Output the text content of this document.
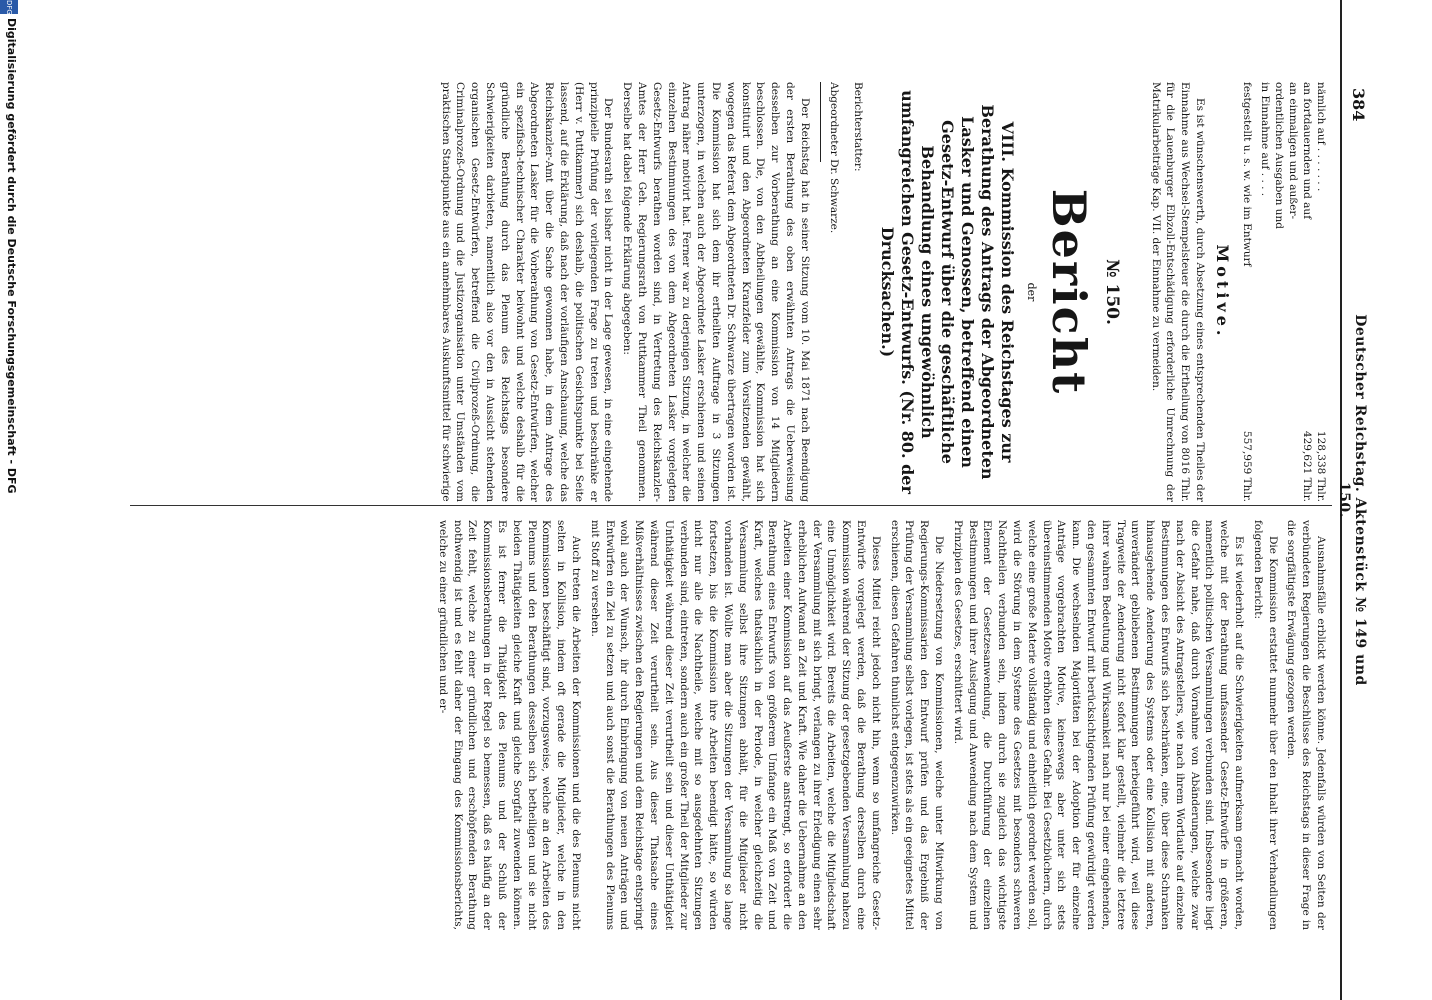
384
Deutscher Reichstag. Aktenstück № 149 und 150.
nämlich auf . . . . . . .
128,338 Thlr.
an fortdauernden und auf
429,621 Thlr.
an einmaligen und außer-
ordentlichen Ausgaben und
in Einnahme auf . . . .
festgestellt u. s. w. wie im Entwurf
557,959 Thlr.
Motive.

Es ist wünschenswerth, durch Absetzung eines entsprechenden Theiles der Einnahme aus Wechsel-Stempelsteuer die durch die Ertheilung von 8016 Thlr. für die Lauenburger Elbzoll-Entschädigung erforderliche Umrechnung der Matrikularbeiträge Kap. VII. der Einnahme zu vermeiden.

№ 150.
Bericht
der
VIII. Kommission des Reichstages zur Berathung des Antrags der Abgeordneten Lasker und Genossen, betreffend einen Gesetz-Entwurf über die geschäftliche Behandlung eines ungewöhnlich umfangreichen Gesetz-Entwurfs. (Nr. 80. der Drucksachen.)
Berichterstatter:
Abgeordneter Dr. Schwarze.

Der Reichstag hat in seiner Sitzung vom 10. Mai 1871 nach Beendigung der ersten Berathung des oben erwähnten Antrags die Ueberweisung desselben zur Vorberathung an eine Kommission von 14 Mitgliedern beschlossen. Die, von den Abtheilungen gewählte, Kommission hat sich konstituirt und den Abgeordneten Kranzfelder zum Vorsitzenden gewählt, wogegen das Referat dem Abgeordneten Dr. Schwarze übertragen worden ist. Die Kommission hat sich dem ihr ertheilten Auftrage in 3 Sitzungen unterzogen, in welchen auch der Abgeordnete Lasker erschienen und seinen Antrag näher motivirt hat. Ferner war zu derjenigen Sitzung, in welcher die einzelnen Bestimmungen des von dem Abgeordneten Lasker vorgelegten Gesetz-Entwurfs berathen worden sind, in Vertretung des Reichskanzler-Amtes der Herr Geh. Regierungsrath von Puttkammer Theil genommen. Derselbe hat dabei folgende Erklärung abgegeben:

Der Bundesrath sei bisher nicht in der Lage gewesen, in eine eingehende prinzipielle Prüfung der vorliegenden Frage zu treten und beschränke er (Herr v. Puttkammer) sich deshalb, die politischen Gesichtspunkte bei Seite lassend, auf die Erklärung, daß nach der vorläufigen Anschauung, welche das Reichskanzler-Amt über die Sache gewonnen habe, in dem Antrage des Abgeordneten Lasker für die Vorberathung von Gesetz-Entwürfen, welcher ein spezifisch-technischer Charakter beiwohnt und welche deshalb für die gründliche Berathung durch das Plenum des Reichstags besondere Schwierigkeiten darbieten, namentlich also vor den in Aussicht stehenden organischen Gesetz-Entwürfen, betreffend die Civilprozeß-Ordnung, die Criminalprozeß-Ordnung und die Justizorganisation unter Umständen vom praktischen Standpunkte aus ein annehmbares Auskunftsmittel für schwierige

Ausnahmsfälle erblickt werden könne. Jedenfalls würden von Seiten der verbündeten Regierungen die Beschlüsse des Reichstags in dieser Frage in die sorgfältigste Erwägung gezogen werden.

Die Kommission erstattet nunmehr über den Inhalt ihrer Verhandlungen folgenden Bericht:

Es ist wiederholt auf die Schwierigkeiten aufmerksam gemacht worden, welche mit der Berathung umfassender Gesetz-Entwürfe in größeren, namentlich politischen Versammlungen verbunden sind. Insbesondere liegt die Gefahr nahe, daß durch Vornahme von Abänderungen, welche zwar nach der Absicht des Antragstellers, wie nach ihrem Wortlaute auf einzelne Bestimmungen des Entwurfs sich beschränken, eine, über diese Schranken hinausgehende Aenderung des Systems oder eine Kollision mit anderen, unverändert gebliebenen Bestimmungen herbeigeführt wird, weil diese Tragweite der Aenderung nicht sofort klar gestellt, vielmehr die letztere ihrer wahren Bedeutung und Wirksamkeit nach nur bei einer eingehenden, den gesammten Entwurf mit berücksichtigenden Prüfung gewürdigt werden kann. Die wechselnden Majoritäten bei der Adoption der für einzelne Anträge vorgebrachten Motive, keineswegs aber unter sich stets übereinstimmenden Motive erhöhen diese Gefahr. Bei Gesetzbüchern, durch welche eine große Materie vollständig und einheitlich geordnet werden soll, wird die Störung in dem Systeme des Gesetzes mit besonders schweren Nachtheilen verbunden sein, indem durch sie zugleich das wichtigste Element der Gesetzesanwendung, die Durchführung der einzelnen Bestimmungen und ihrer Auslegung und Anwendung nach dem System und Prinzipien des Gesetzes, erschüttert wird.

Die Niedersetzung von Kommissionen, welche unter Mitwirkung von Regierungs-Kommissarien den Entwurf prüfen und das Ergebniß der Prüfung der Versammlung selbst vorlegen, ist stets als ein geeignetes Mittel erschienen, diesen Gefahren thunlichst entgegenzuwirken.

Dieses Mittel reicht jedoch nicht hin, wenn so umfangreiche Gesetz-Entwürfe vorgelegt werden, daß die Berathung derselben durch eine Kommission während der Sitzung der gesetzgebenden Versammlung nahezu eine Unmöglichkeit wird. Bereits die Arbeiten, welche die Mitgliedschaft der Versammlung mit sich bringt, verlangen zu ihrer Erledigung einen sehr erheblichen Aufwand an Zeit und Kraft. Wie daher die Uebernahme an den Arbeiten einer Kommission auf das Aeußerste anstrengt, so erfordert die Berathung eines Entwurfs von größerem Umfange ein Maß von Zeit und Kraft, welches thatsächlich in der Periode, in welcher gleichzeitig die Versammlung selbst ihre Sitzungen abhält, für die Mitglieder nicht vorhanden ist. Wollte man aber die Sitzungen der Versammlung so lange fortsetzen, bis die Kommission ihre Arbeiten beendigt hätte, so würden nicht nur alle die Nachtheile, welche mit so ausgedehnten Sitzungen verbunden sind, eintreten, sondern auch ein großer Theil der Mitglieder zur Unthätigkeit während dieser Zeit verurtheilt sein und dieser Unthätigkeit während dieser Zeit verurtheilt sein. Aus dieser Thatsache eines Mißverhältnisses zwischen den Regierungen und dem Reichstage entspringt wohl auch der Wunsch, ihr durch Einbringung von neuen Anträgen und Entwürfen ein Ziel zu setzen und auch sonst die Berathungen des Plenums mit Stoff zu versehen.

Auch treten die Arbeiten der Kommissionen und die des Plenums nicht selten in Kollision, indem oft gerade die Mitglieder, welche in den Kommissionen beschäftigt sind, vorzugsweise, welche an den Arbeiten des Plenums und den Berathungen desselben sich betheiligen und sie nicht beiden Thätigkeiten gleiche Kraft und gleiche Sorgfalt zuwenden können. Es ist ferner die Thätigkeit des Plenums und der Schluß der Kommissionsberathungen in der Regel so bemessen, daß es häufig an der Zeit fehlt, welche zu einer gründlichen und erschöpfenden Berathung nothwendig ist und es fehlt daher der Eingang des Kommissionsberichts, welche zu einer gründlichen und er-

DFG
Digitalisierung gefördert durch die Deutsche Forschungsgemeinschaft - DFG
